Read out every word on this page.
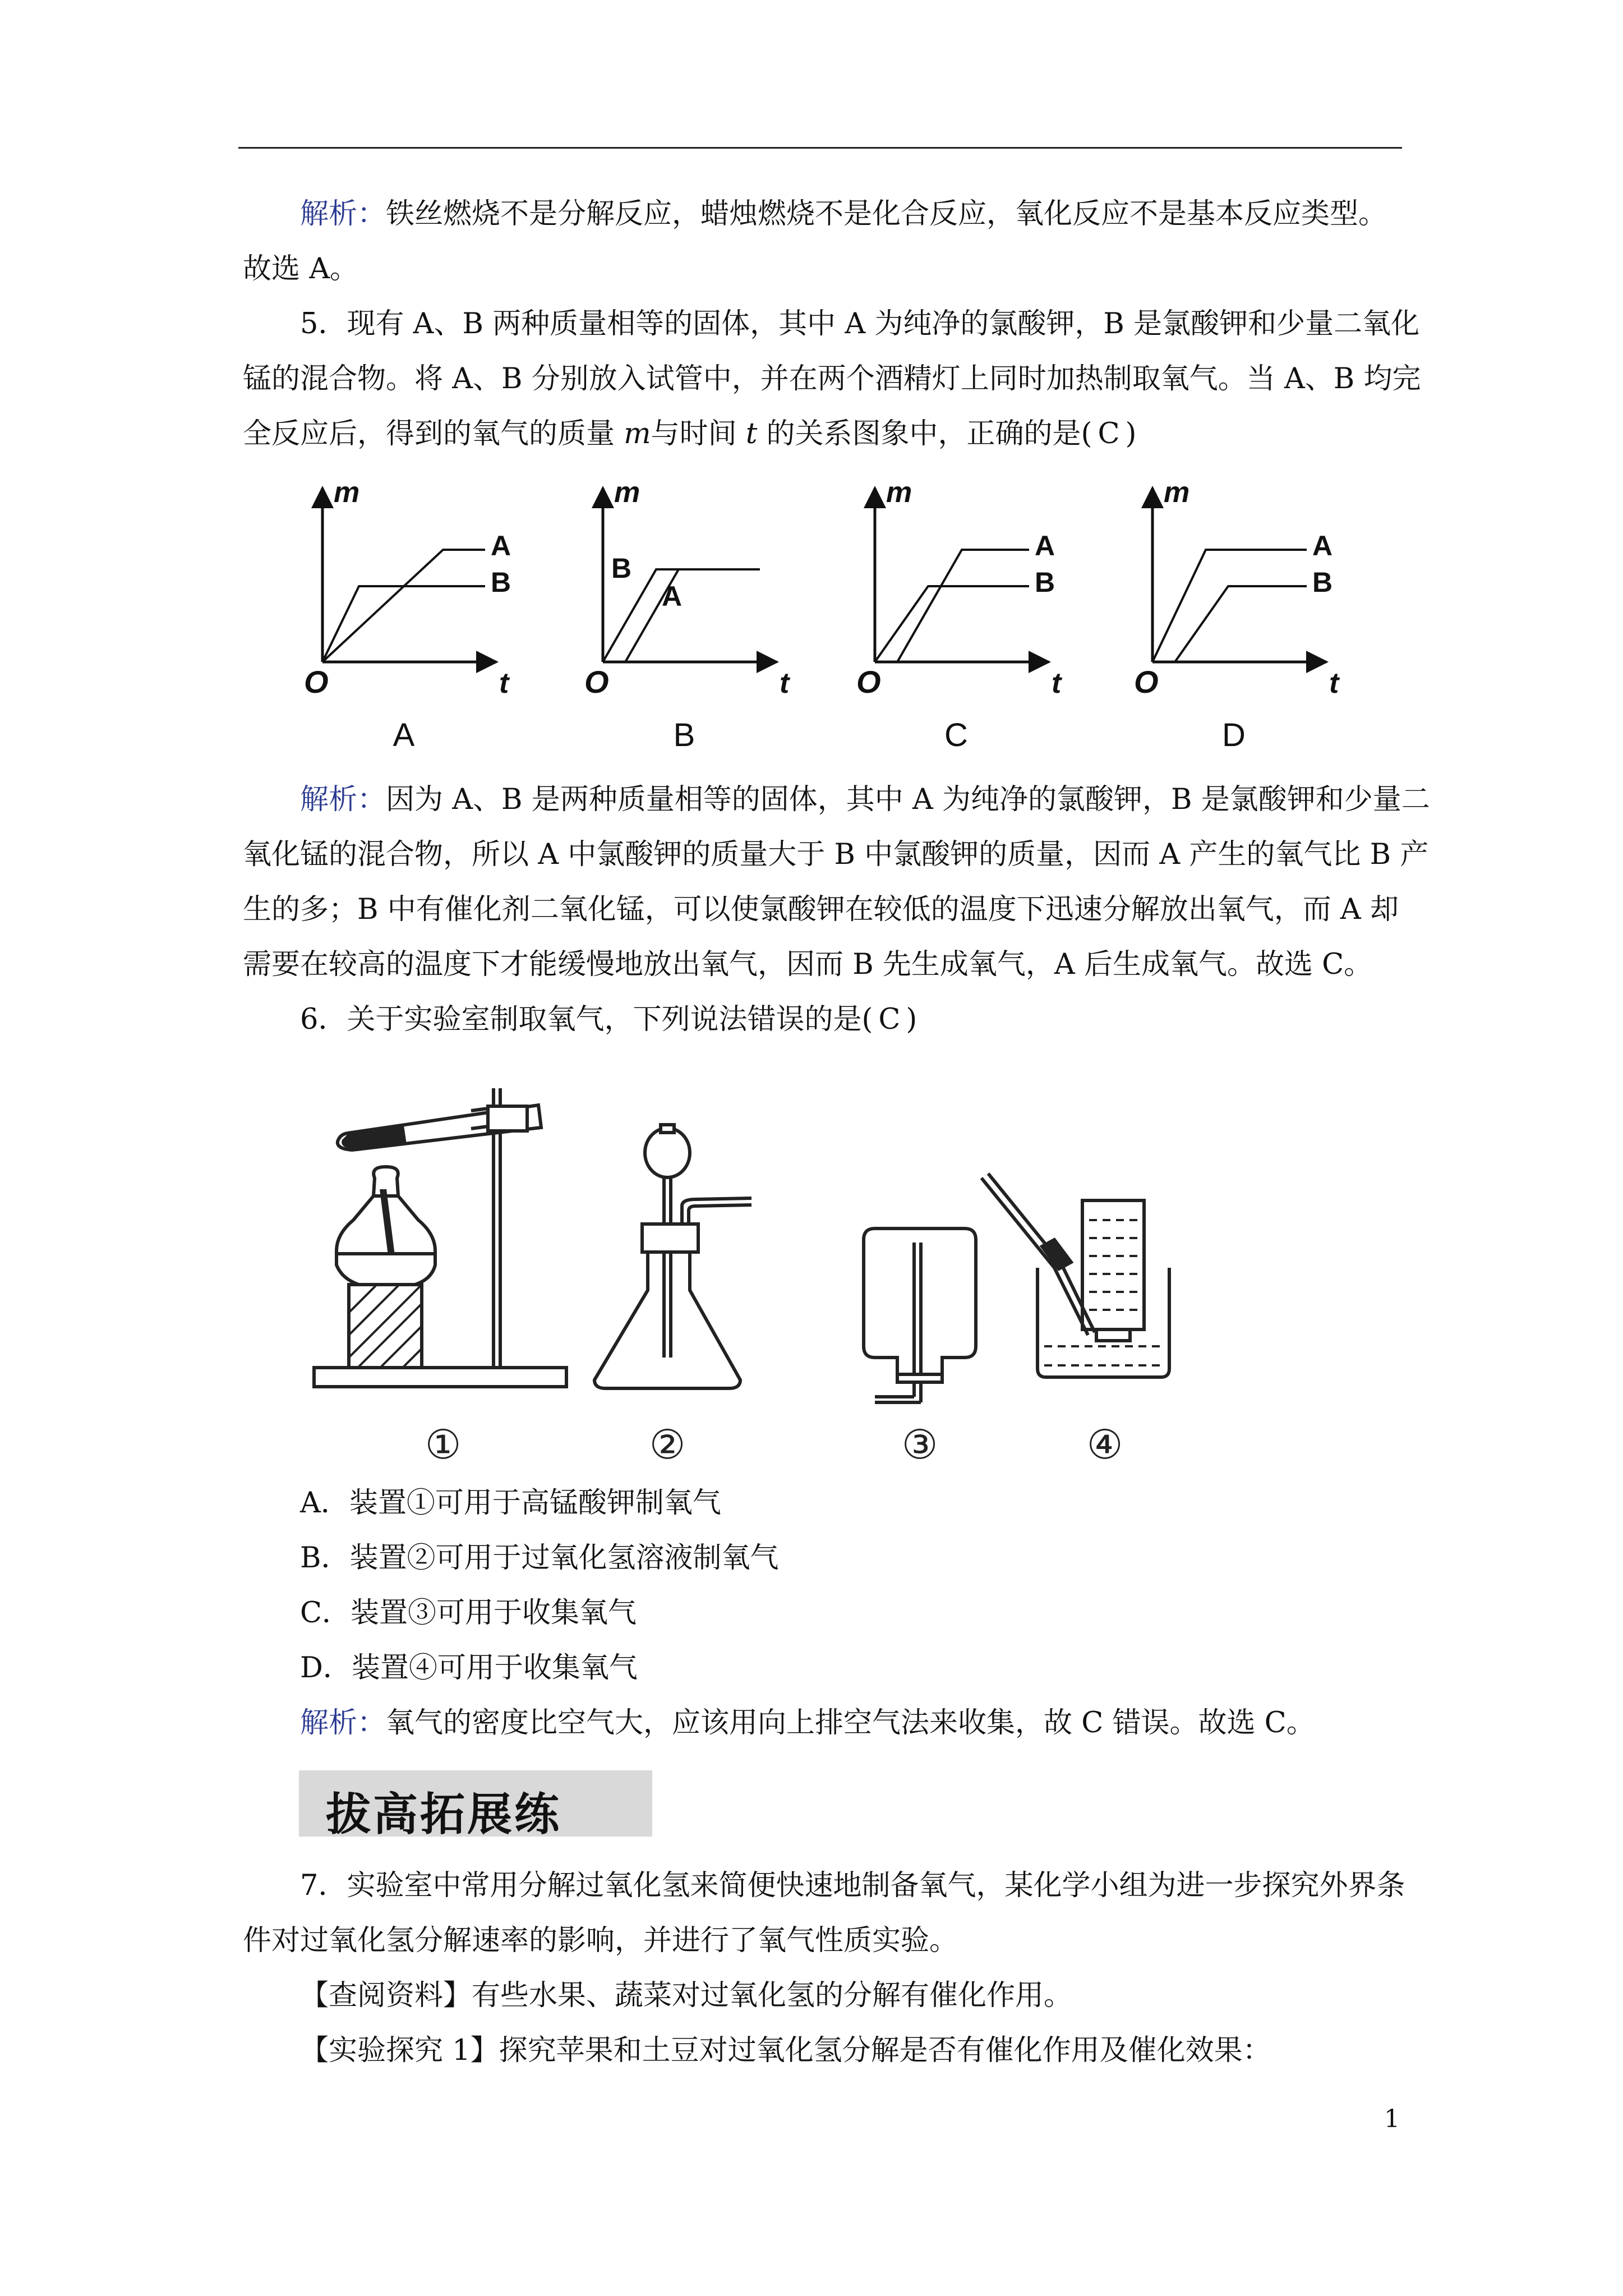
解析：铁丝燃烧不是分解反应，蜡烛燃烧不是化合反应，氧化反应不是基本反应类型。
故选 A。
5．现有 A、B 两种质量相等的固体，其中 A 为纯净的氯酸钾，B 是氯酸钾和少量二氧化
锰的混合物。将 A、B 分别放入试管中，并在两个酒精灯上同时加热制取氧气。当 A、B 均完
全反应后，得到的氧气的质量 m与时间 t 的关系图象中，正确的是( C )
m
t
O
A
B
A
m
t
O
A
B
B
m
t
O
A
B
C
m
t
O
A
B
D
解析：因为 A、B 是两种质量相等的固体，其中 A 为纯净的氯酸钾，B 是氯酸钾和少量二
氧化锰的混合物，所以 A 中氯酸钾的质量大于 B 中氯酸钾的质量，因而 A 产生的氧气比 B 产
生的多；B 中有催化剂二氧化锰，可以使氯酸钾在较低的温度下迅速分解放出氧气，而 A 却
需要在较高的温度下才能缓慢地放出氧气，因而 B 先生成氧气，A 后生成氧气。故选 C。
6．关于实验室制取氧气，下列说法错误的是( C )
①	②	③	④
A．装置①可用于高锰酸钾制氧气
B．装置②可用于过氧化氢溶液制氧气
C．装置③可用于收集氧气
D．装置④可用于收集氧气
解析：氧气的密度比空气大，应该用向上排空气法来收集，故 C 错误。故选 C。
拔高拓展练
7．实验室中常用分解过氧化氢来简便快速地制备氧气，某化学小组为进一步探究外界条
件对过氧化氢分解速率的影响，并进行了氧气性质实验。
【查阅资料】有些水果、蔬菜对过氧化氢的分解有催化作用。
【实验探究 1】探究苹果和土豆对过氧化氢分解是否有催化作用及催化效果：
1
